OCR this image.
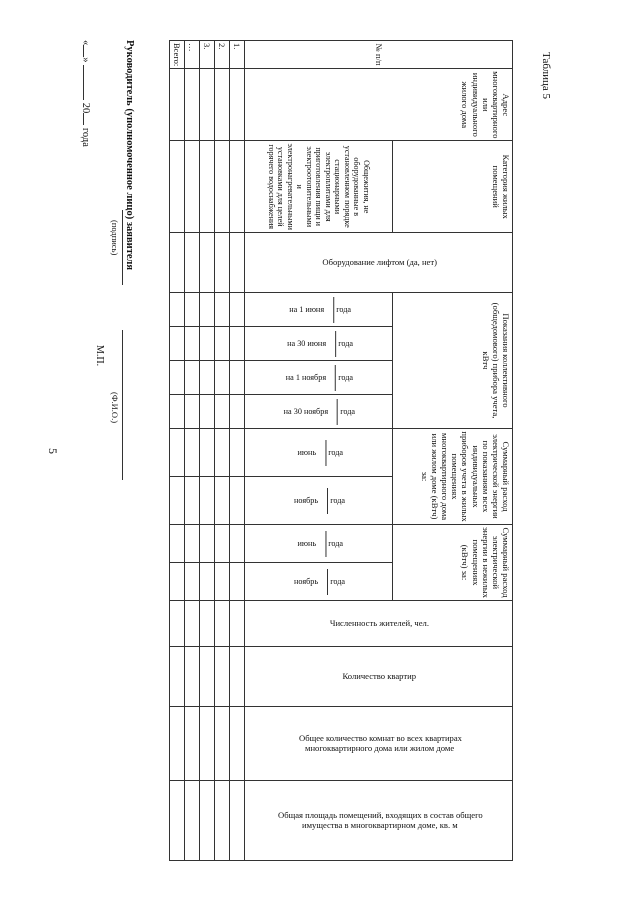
5
Таблица 5
№ п/п	Адрес многоквартирного или индивидуального жилого дома	Категория жилых помещений	Оборудование лифтом (да, нет)	Показания коллективного (общедомового) прибора учета, кВтч				Суммарный расход электрической энергии по показаниям всех индивидуальных приборов учета в жилых помещениях многоквартирного дома или жилом доме (кВтч) за:		Суммарный расход электрической энергии в нежилых помещениях (кВтч) за:		Численность жителей, чел.	Количество квартир	Общее количество комнат во всех квартирах многоквартирного дома или жилом доме	Общая площадь помещений, входящих в состав общего имущества в многоквартирном доме, кв. м
		Общежития, не оборудованные в установленном порядке стационарными электроплитами для приготовления пищи и электроотопительными и электронагревательными установками для целей горячего водоснабжения		на 1 июня года	на 30 июня года	на 1 ноября года	на 30 ноября года	июнь года	ноябрь года	июнь года	ноябрь года				
1.															
2.															
3.															
…															
Всего:															
Руководитель (уполномоченное лицо) заявителя
(подпись)
(Ф.И.О.)
М.П.
«»  20 года
